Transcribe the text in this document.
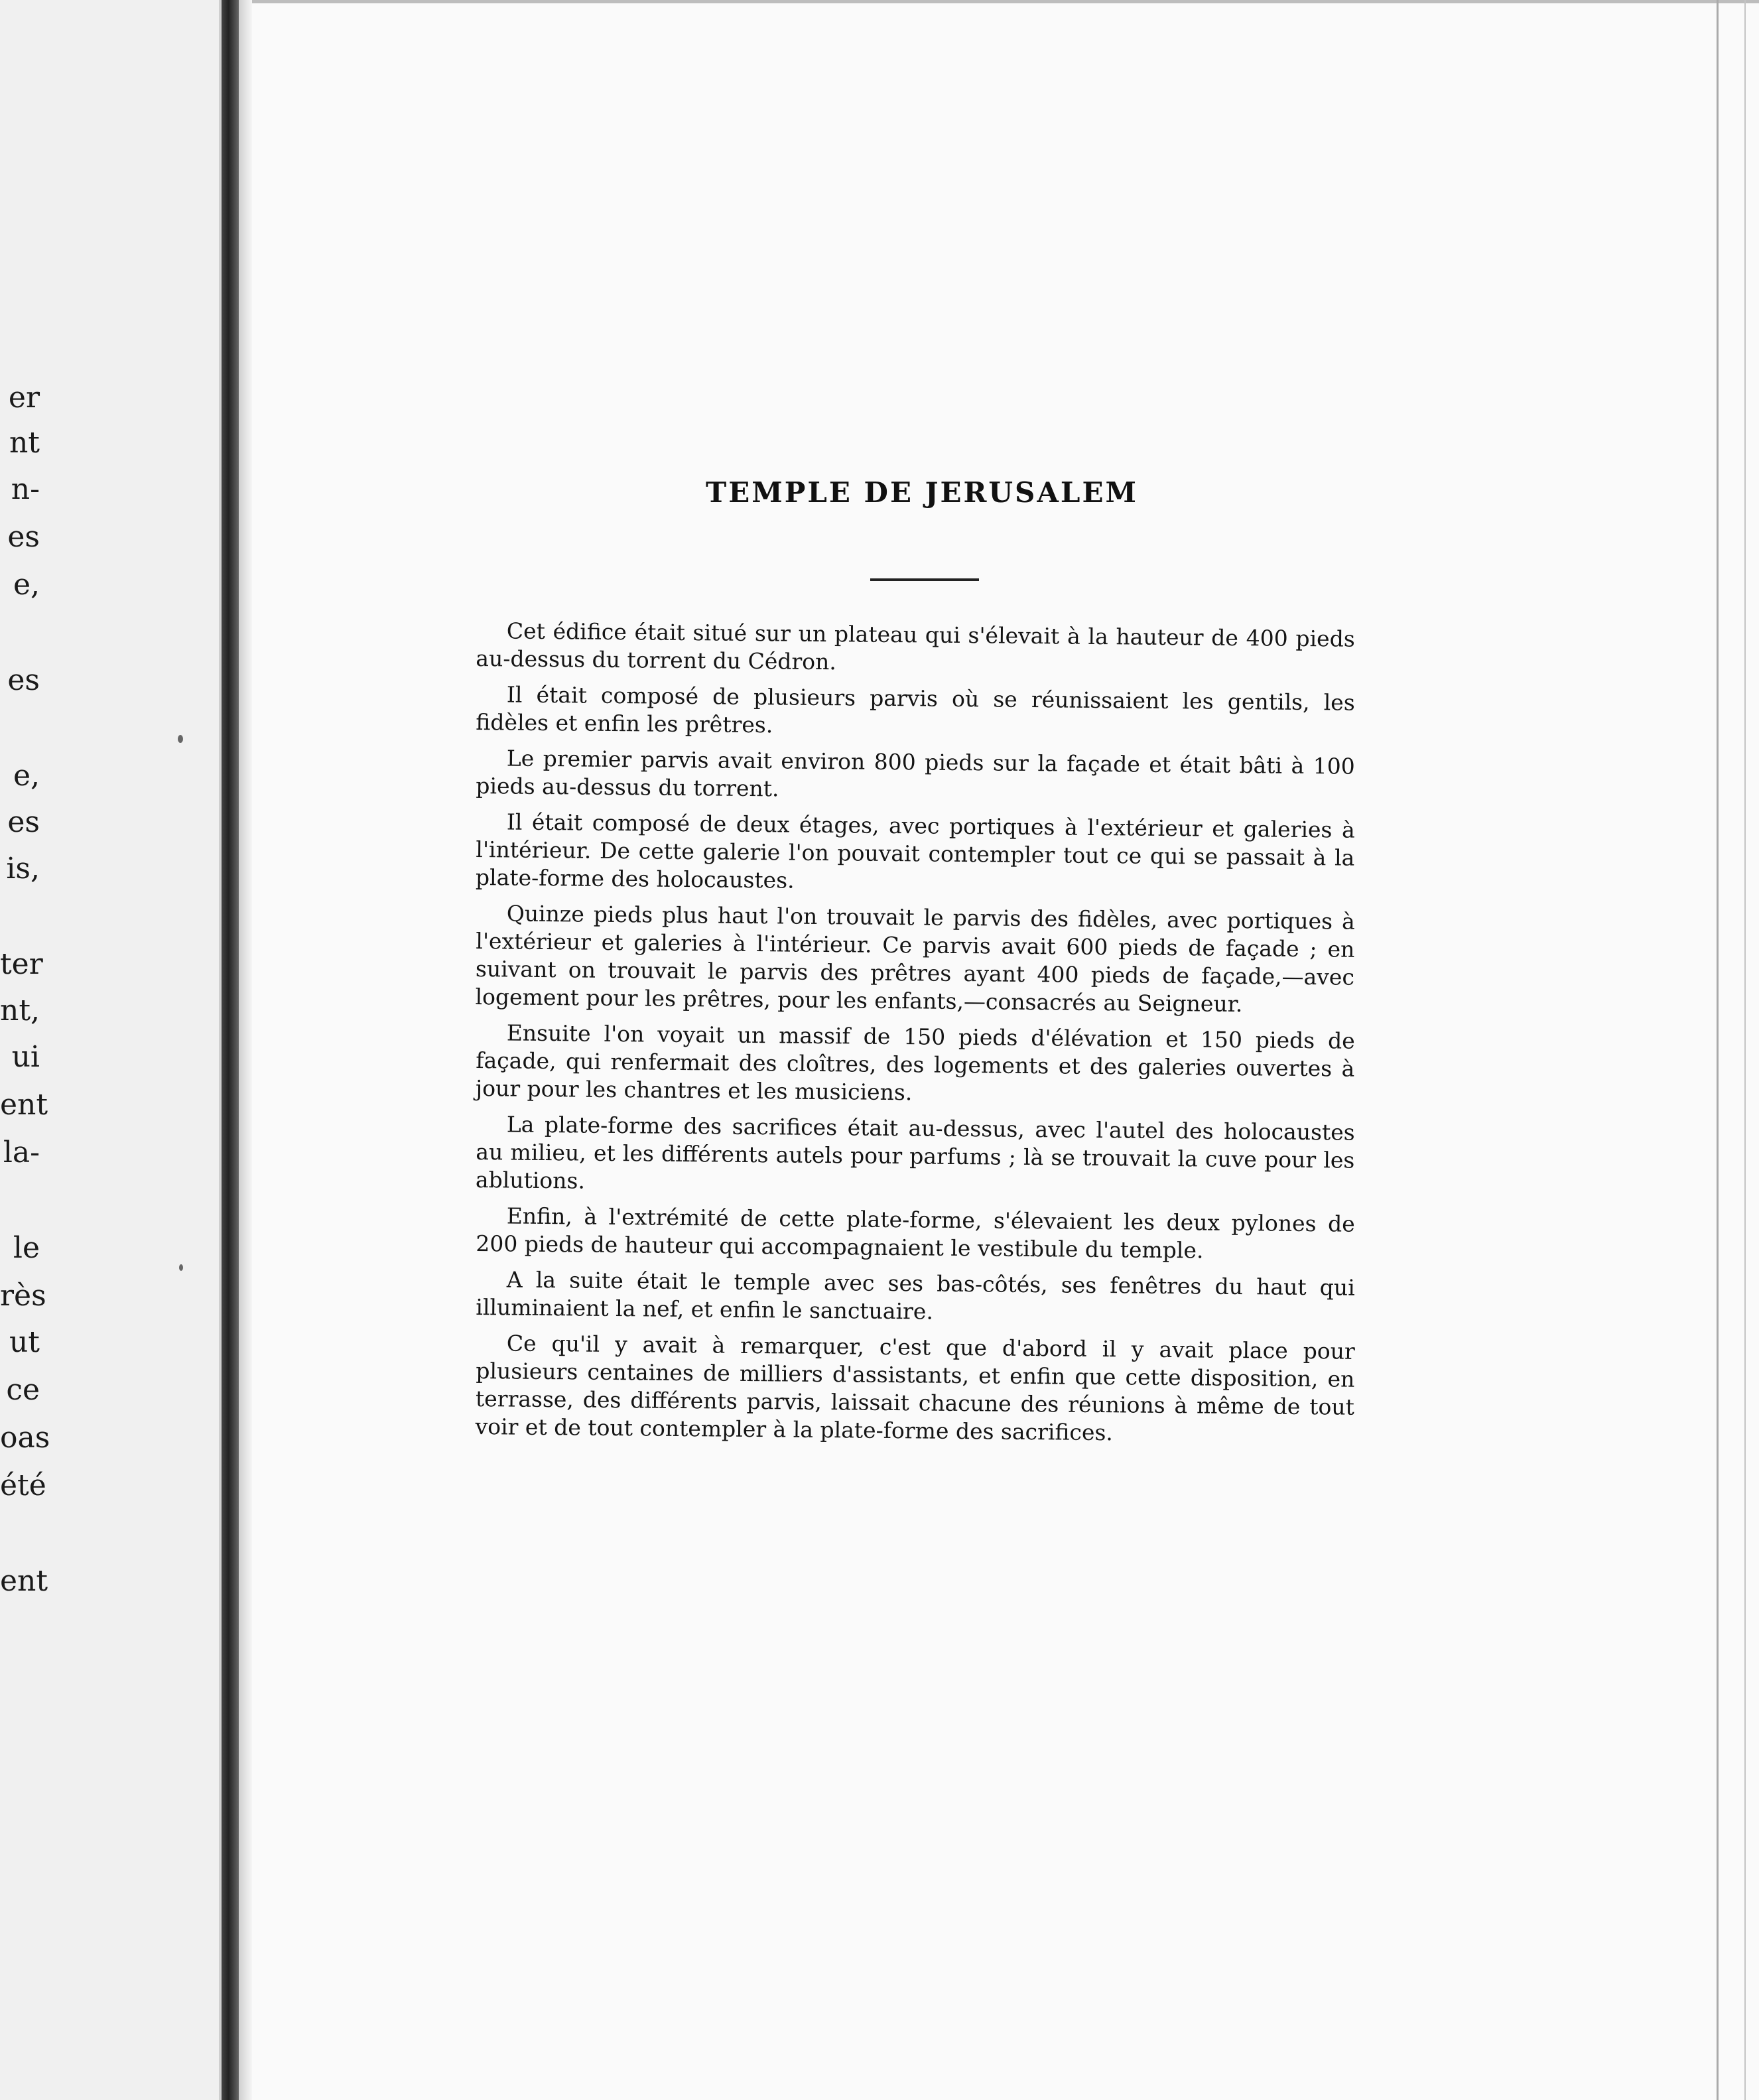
er
nt
n-
es
e,
es
e,
es
is,
ter
nt,
ui
ent
la-
le
rès
ut
ce
oas
été
ent
TEMPLE DE JERUSALEM

Cet édifice était situé sur un plateau qui s'élevait à la hauteur de 400 pieds au-dessus du torrent du Cédron.

Il était composé de plusieurs parvis où se réunissaient les gentils, les fidèles et enfin les prêtres.

Le premier parvis avait environ 800 pieds sur la façade et était bâti à 100 pieds au-dessus du torrent.

Il était composé de deux étages, avec portiques à l'extérieur et galeries à l'intérieur. De cette galerie l'on pouvait contempler tout ce qui se passait à la plate-forme des holocaustes.

Quinze pieds plus haut l'on trouvait le parvis des fidèles, avec portiques à l'extérieur et galeries à l'intérieur. Ce parvis avait 600 pieds de façade ; en suivant on trouvait le parvis des prêtres ayant 400 pieds de façade,—avec logement pour les prêtres, pour les enfants,—consacrés au Seigneur.

Ensuite l'on voyait un massif de 150 pieds d'élévation et 150 pieds de façade, qui renfermait des cloîtres, des logements et des galeries ouvertes à jour pour les chantres et les musiciens.

La plate-forme des sacrifices était au-dessus, avec l'autel des holocaustes au milieu, et les différents autels pour parfums ; là se trouvait la cuve pour les ablutions.

Enfin, à l'extrémité de cette plate-forme, s'élevaient les deux pylones de 200 pieds de hauteur qui accompagnaient le vestibule du temple.

A la suite était le temple avec ses bas-côtés, ses fenêtres du haut qui illuminaient la nef, et enfin le sanctuaire.

Ce qu'il y avait à remarquer, c'est que d'abord il y avait place pour plusieurs centaines de milliers d'assistants, et enfin que cette disposition, en terrasse, des différents parvis, laissait chacune des réunions à même de tout voir et de tout contempler à la plate-forme des sacrifices.
